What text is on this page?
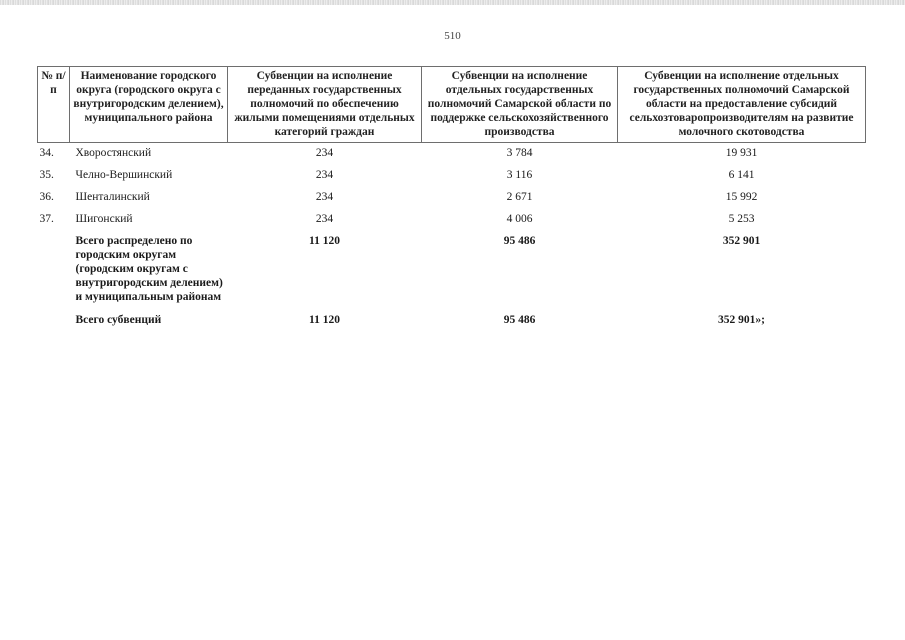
510
№ п/п	Наименование городского округа (городского округа с внутригородским делением), муниципального района	Субвенции на исполнение переданных государственных полномочий по обеспечению жилыми помещениями отдельных категорий граждан	Субвенции на исполнение отдельных государственных полномочий Самарской области по поддержке сельскохозяйственного производства	Субвенции на исполнение отдельных государственных полномочий Самарской области на предоставление субсидий сельхозтоваропроизводителям на развитие молочного скотоводства
34.	Хворостянский	234	3 784	19 931
35.	Челно-Вершинский	234	3 116	6 141
36.	Шенталинский	234	2 671	15 992
37.	Шигонский	234	4 006	5 253
	Всего распределено по городским округам (городским округам с внутригородским делением) и муниципальным районам	11 120	95 486	352 901
	Всего субвенций	11 120	95 486	352 901»;
